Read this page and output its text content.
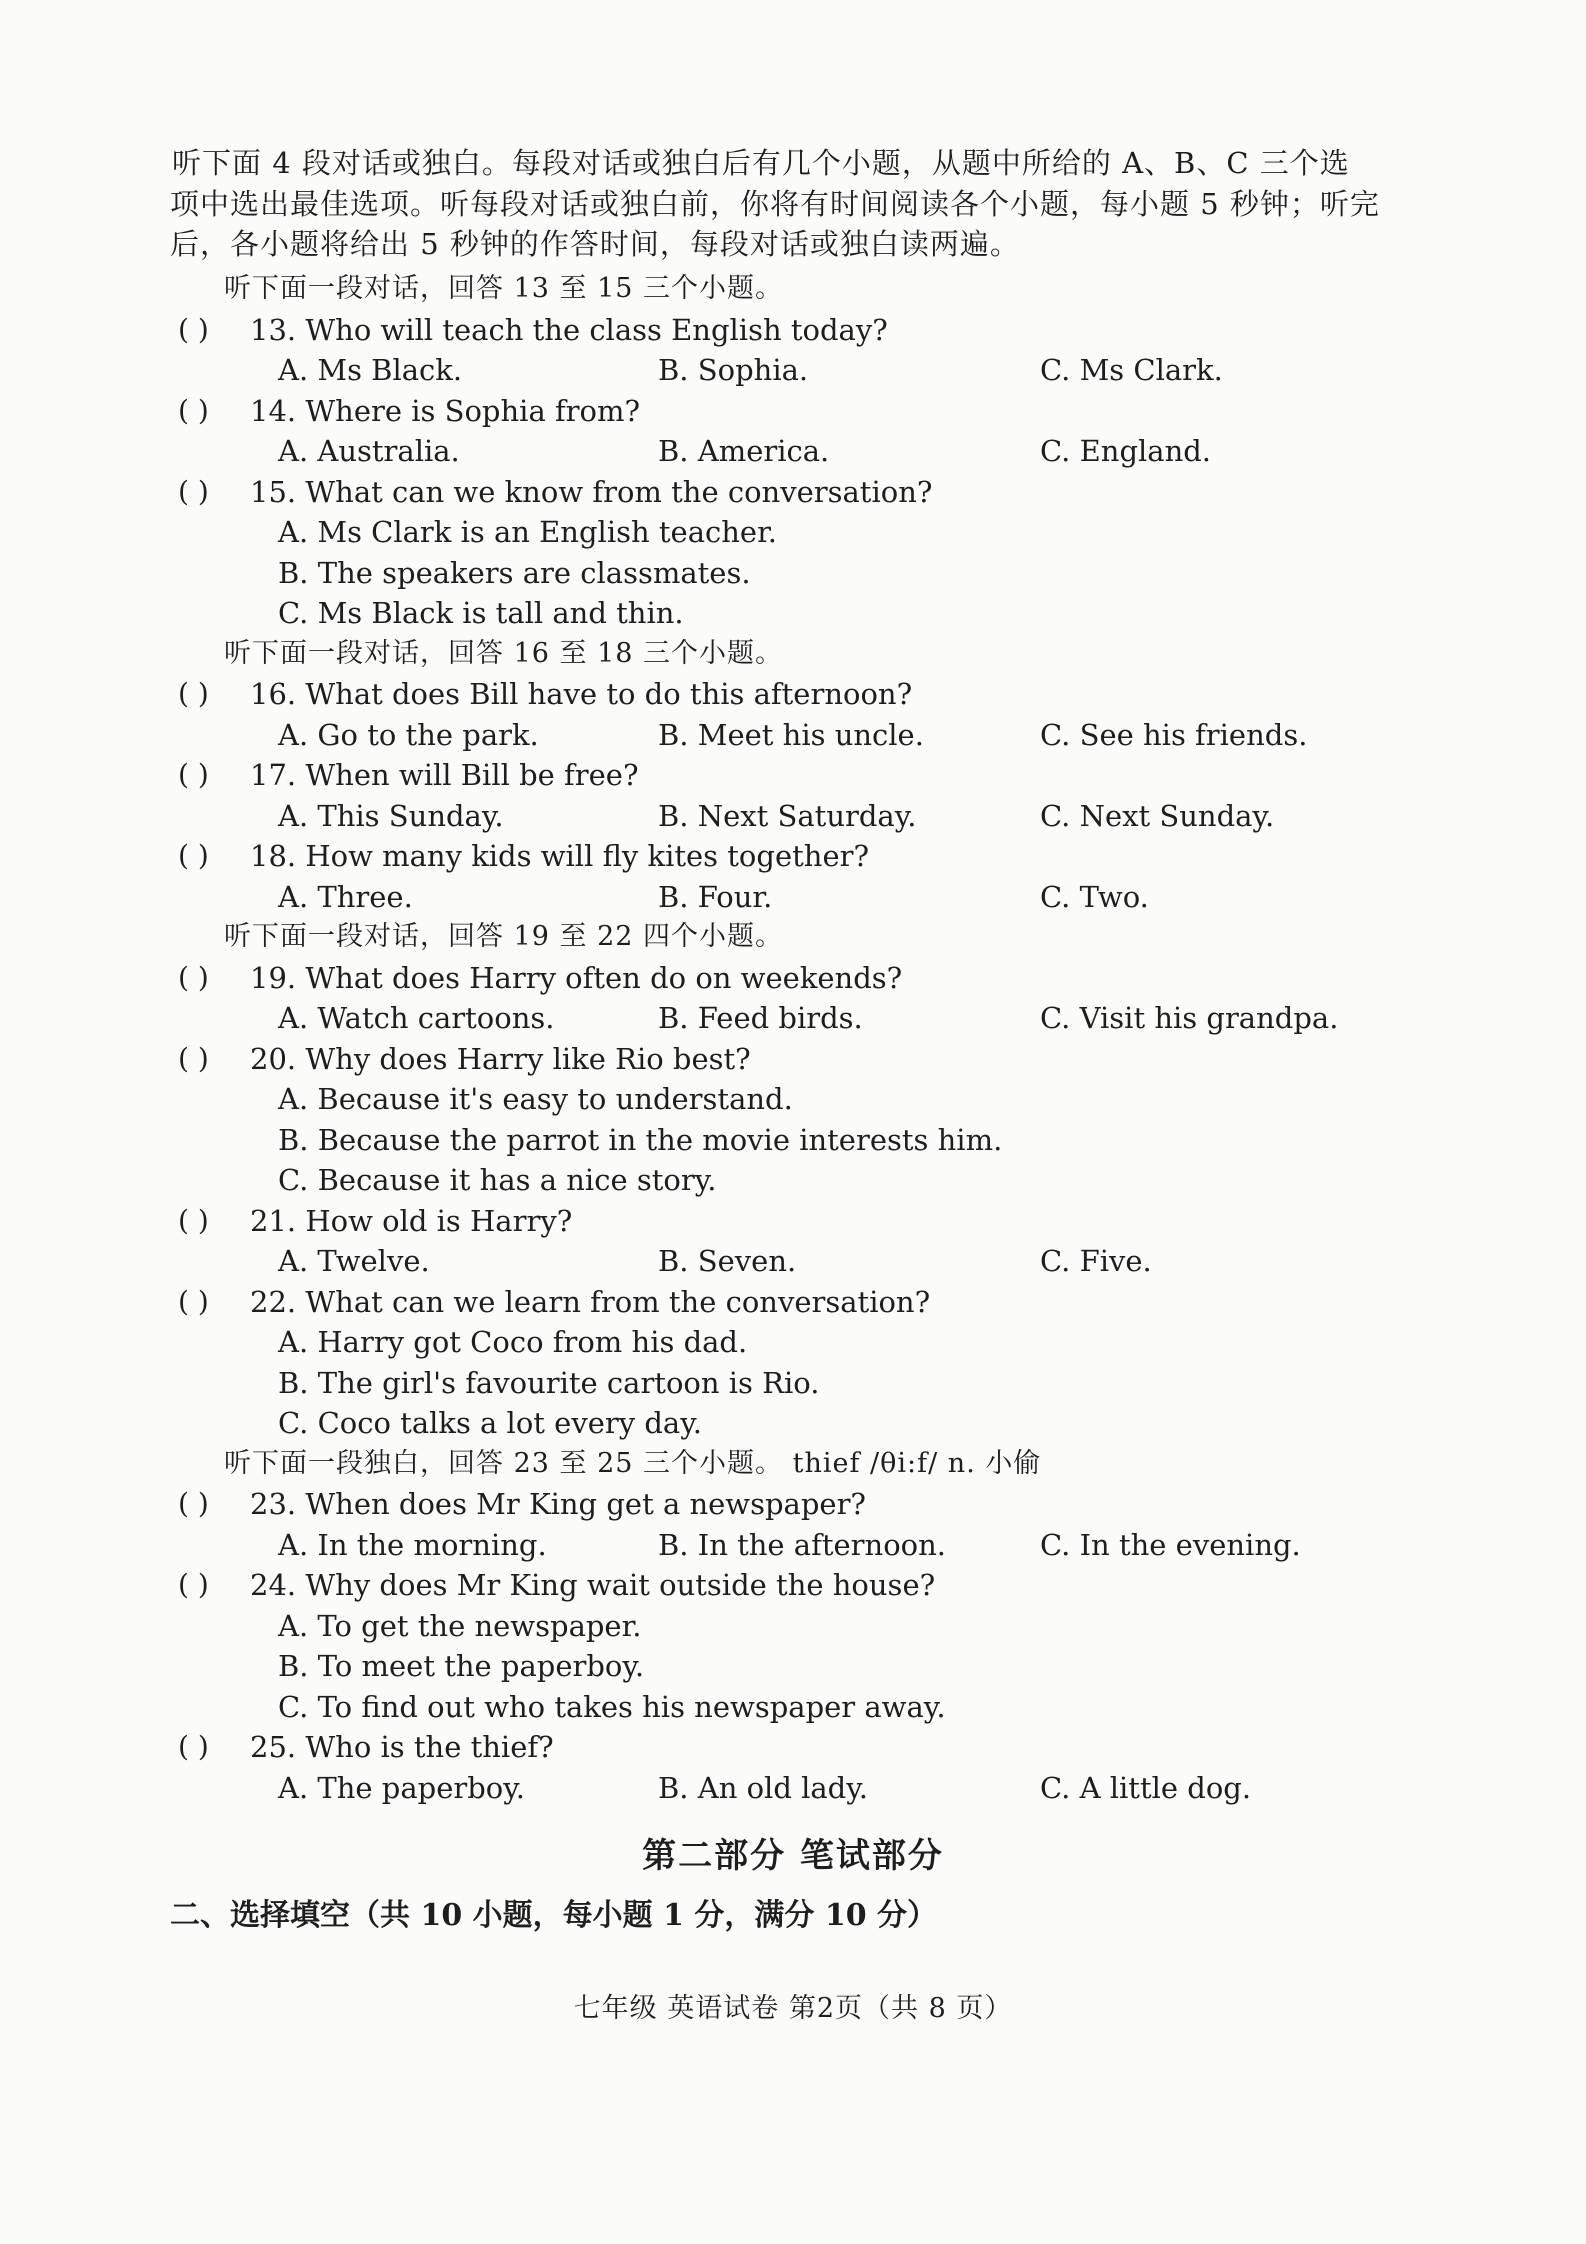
听下面 4 段对话或独白。每段对话或独白后有几个小题，从题中所给的 A、B、C 三个选
项中选出最佳选项。听每段对话或独白前，你将有时间阅读各个小题，每小题 5 秒钟；听完
后，各小题将给出 5 秒钟的作答时间，每段对话或独白读两遍。
听下面一段对话，回答 13 至 15 三个小题。
( ) 13. Who will teach the class English today?
A. Ms Black.	B. Sophia.	C. Ms Clark.
( ) 14. Where is Sophia from?
A. Australia.	B. America.	C. England.
( ) 15. What can we know from the conversation?
A. Ms Clark is an English teacher.
B. The speakers are classmates.
C. Ms Black is tall and thin.
听下面一段对话，回答 16 至 18 三个小题。
( ) 16. What does Bill have to do this afternoon?
A. Go to the park.	B. Meet his uncle.	C. See his friends.
( ) 17. When will Bill be free?
A. This Sunday.	B. Next Saturday.	C. Next Sunday.
( ) 18. How many kids will fly kites together?
A. Three.	B. Four.	C. Two.
听下面一段对话，回答 19 至 22 四个小题。
( ) 19. What does Harry often do on weekends?
A. Watch cartoons.	B. Feed birds.	C. Visit his grandpa.
( ) 20. Why does Harry like Rio best?
A. Because it's easy to understand.
B. Because the parrot in the movie interests him.
C. Because it has a nice story.
( ) 21. How old is Harry?
A. Twelve.	B. Seven.	C. Five.
( ) 22. What can we learn from the conversation?
A. Harry got Coco from his dad.
B. The girl's favourite cartoon is Rio.
C. Coco talks a lot every day.
听下面一段独白，回答 23 至 25 三个小题。 thief /θi:f/ n. 小偷
( ) 23. When does Mr King get a newspaper?
A. In the morning.	B. In the afternoon.	C. In the evening.
( ) 24. Why does Mr King wait outside the house?
A. To get the newspaper.
B. To meet the paperboy.
C. To find out who takes his newspaper away.
( ) 25. Who is the thief?
A. The paperboy.	B. An old lady.	C. A little dog.
第二部分 笔试部分
二、选择填空（共 10 小题，每小题 1 分，满分 10 分）
七年级 英语试卷 第2页（共 8 页）
